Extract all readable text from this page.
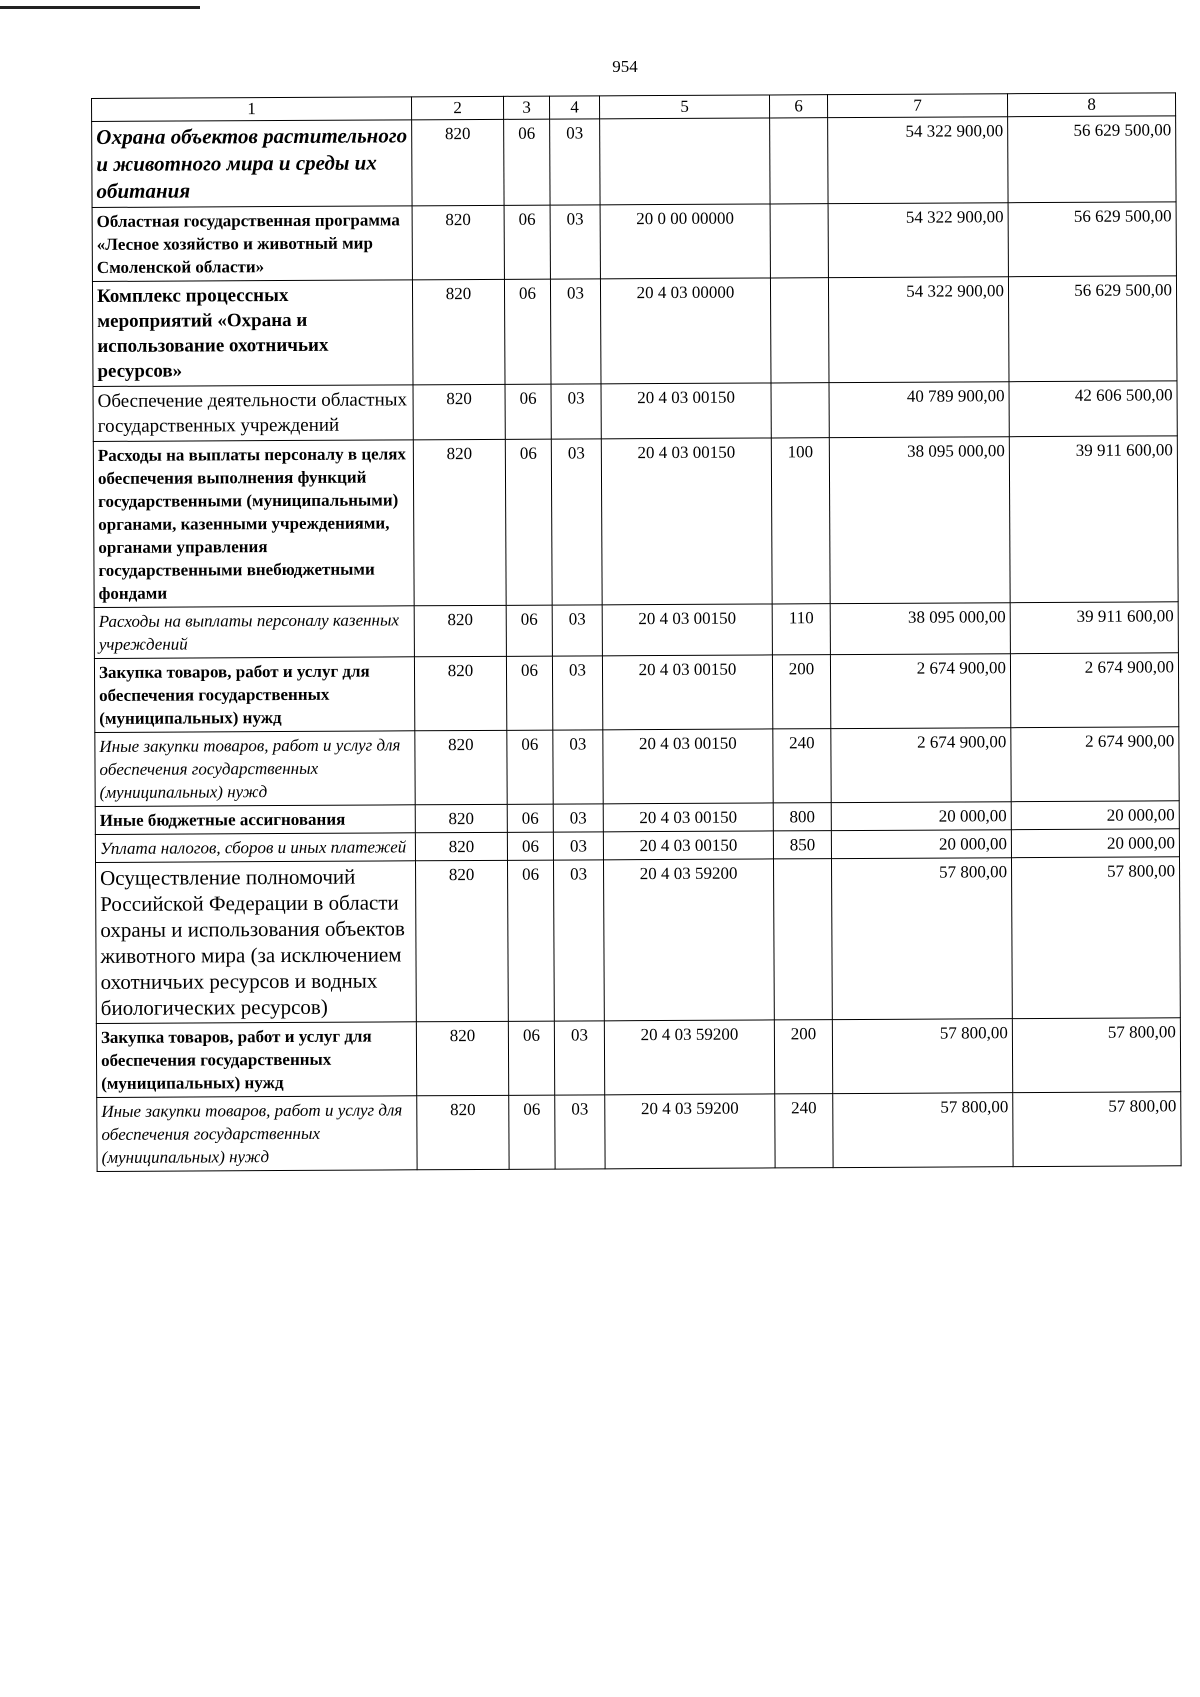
954
1	2	3	4	5	6	7	8
Охрана объектов растительного и животного мира и среды их обитания	820	06	03			54 322 900,00	56 629 500,00
Областная государственная программа «Лесное хозяйство и животный мир Смоленской области»	820	06	03	20 0 00 00000		54 322 900,00	56 629 500,00
Комплекс процессных мероприятий «Охрана и использование охотничьих ресурсов»	820	06	03	20 4 03 00000		54 322 900,00	56 629 500,00
Обеспечение деятельности областных государственных учреждений	820	06	03	20 4 03 00150		40 789 900,00	42 606 500,00
Расходы на выплаты персоналу в целях обеспечения выполнения функций государственными (муниципальными) органами, казенными учреждениями, органами управления государственными внебюджетными фондами	820	06	03	20 4 03 00150	100	38 095 000,00	39 911 600,00
Расходы на выплаты персоналу казенных учреждений	820	06	03	20 4 03 00150	110	38 095 000,00	39 911 600,00
Закупка товаров, работ и услуг для обеспечения государственных (муниципальных) нужд	820	06	03	20 4 03 00150	200	2 674 900,00	2 674 900,00
Иные закупки товаров, работ и услуг для обеспечения государственных (муниципальных) нужд	820	06	03	20 4 03 00150	240	2 674 900,00	2 674 900,00
Иные бюджетные ассигнования	820	06	03	20 4 03 00150	800	20 000,00	20 000,00
Уплата налогов, сборов и иных платежей	820	06	03	20 4 03 00150	850	20 000,00	20 000,00
Осуществление полномочий Российской Федерации в области охраны и использования объектов животного мира (за исключением охотничьих ресурсов и водных биологических ресурсов)	820	06	03	20 4 03 59200		57 800,00	57 800,00
Закупка товаров, работ и услуг для обеспечения государственных (муниципальных) нужд	820	06	03	20 4 03 59200	200	57 800,00	57 800,00
Иные закупки товаров, работ и услуг для обеспечения государственных (муниципальных) нужд	820	06	03	20 4 03 59200	240	57 800,00	57 800,00
